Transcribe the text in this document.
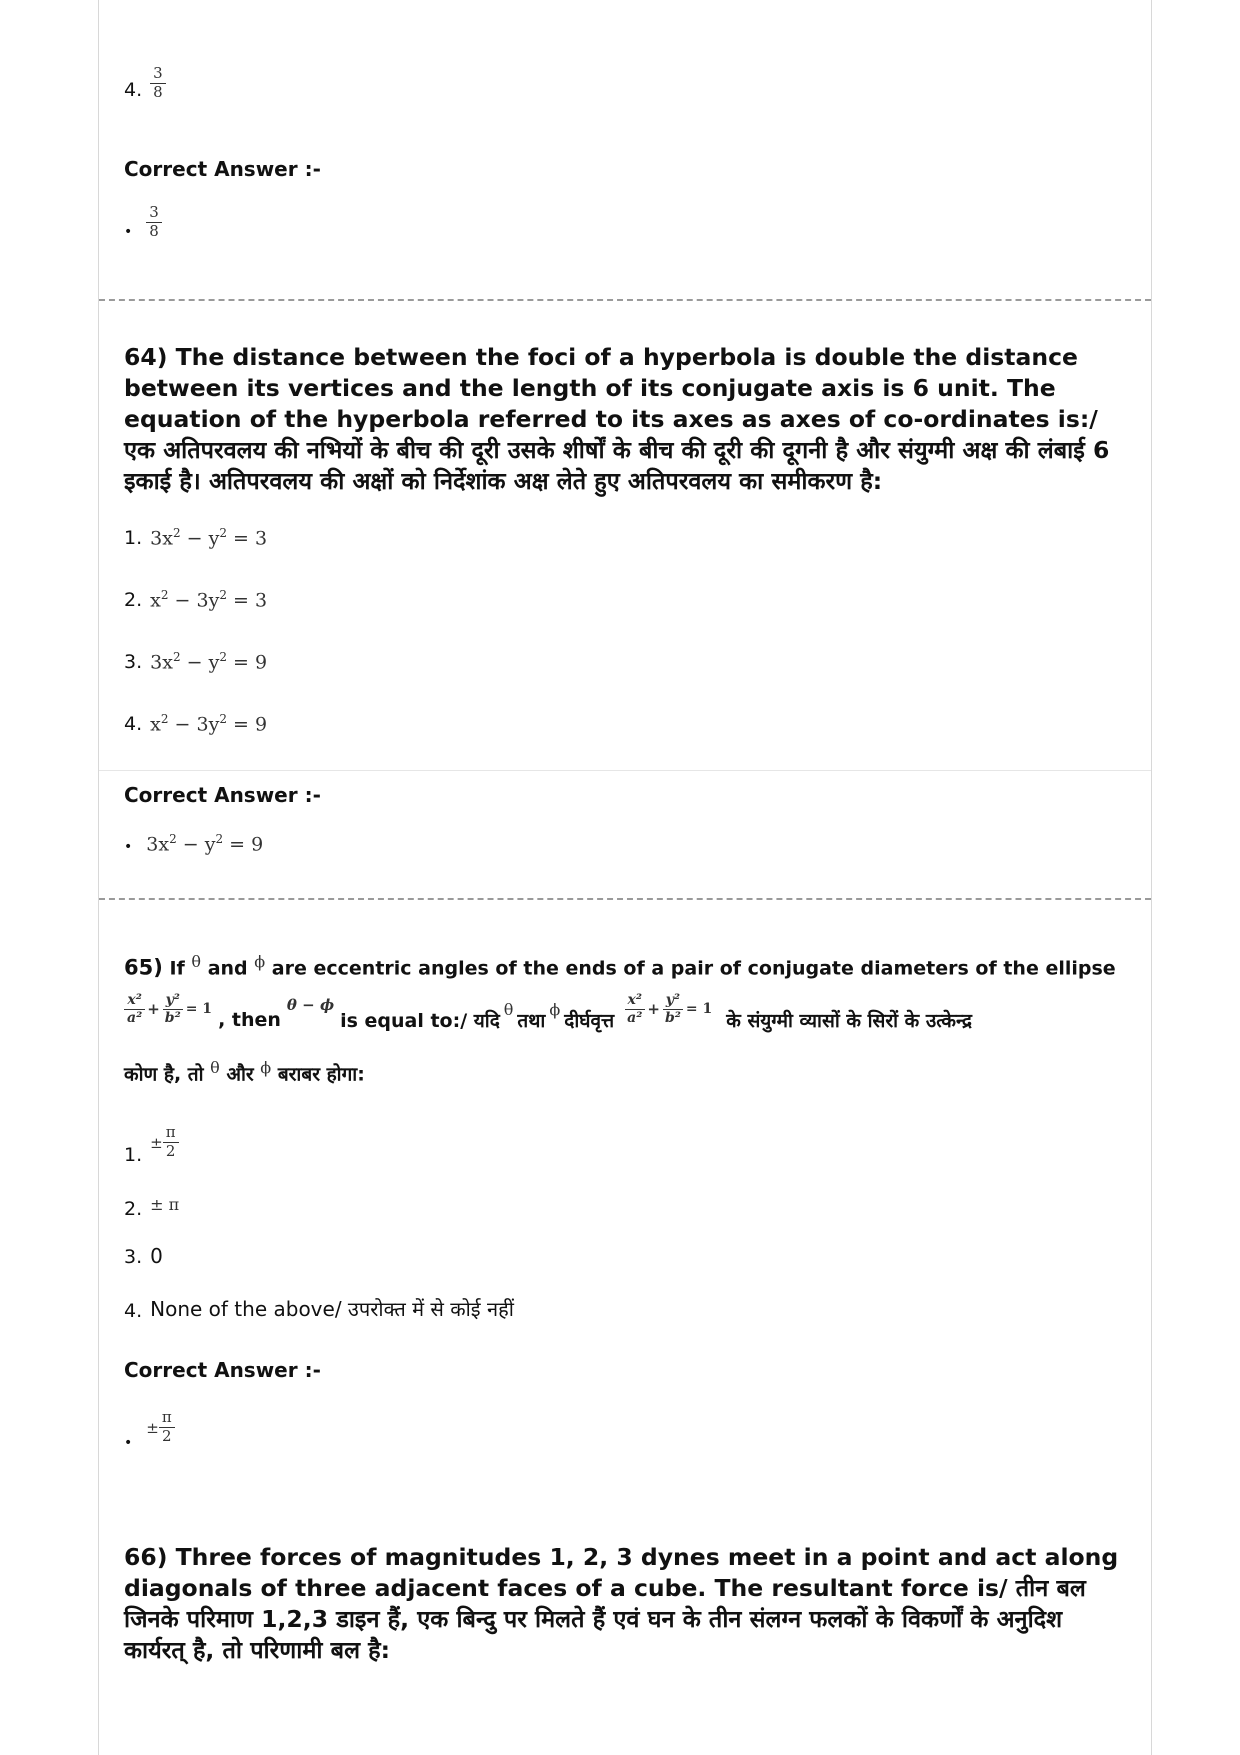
4. $\frac{3}{8}$
Correct Answer :-
• $\frac{3}{8}$
64) The distance between the foci of a hyperbola is double the distance between its vertices and the length of its conjugate axis is 6 unit. The equation of the hyperbola referred to its axes as axes of co-ordinates is:/एक अतिपरवलय की नभियों के बीच की दूरी उसके शीर्षों के बीच की दूरी की दूगनी है और संयुग्मी अक्ष की लंबाई 6 इकाई है। अतिपरवलय की अक्षों को निर्देशांक अक्ष लेते हुए अतिपरवलय का समीकरण है:
1. $3x^2 - y^2 = 3$
2. $x^2 - 3y^2 = 3$
3. $3x^2 - y^2 = 9$
4. $x^2 - 3y^2 = 9$
Correct Answer :-
• $3x^2 - y^2 = 9$
65) If $^\theta$ and $^\phi$ are eccentric angles of the ends of a pair of conjugate diameters of the ellipse
$\frac{\text{x²}}{\text{a²}} + \frac{\text{y²}}{\text{b²}} = 1$ , then
θ − ϕ
is equal to:/ यदि
θ
तथा
ϕ
दीर्घवृत्त $\frac{\text{x²}}{\text{a²}} + \frac{\text{y²}}{\text{b²}} = 1$
के संयुग्मी व्यासों के सिरों के उत्केन्द्र
कोण है, तो $^\theta$ और $^\phi$ बराबर होगा:
1.
± $\frac{\pi}{2}$
2. ± π
3. 0
4. None of the above/ उपरोक्त में से कोई नहीं
Correct Answer :-
•
± $\frac{\pi}{2}$
66) Three forces of magnitudes 1, 2, 3 dynes meet in a point and act along diagonals of three adjacent faces of a cube. The resultant force is/ तीन बल जिनके परिमाण 1,2,3 डाइन हैं, एक बिन्दु पर मिलते हैं एवं घन के तीन संलग्न फलकों के विकर्णों के अनुदिश कार्यरत् है, तो परिणामी बल है:
